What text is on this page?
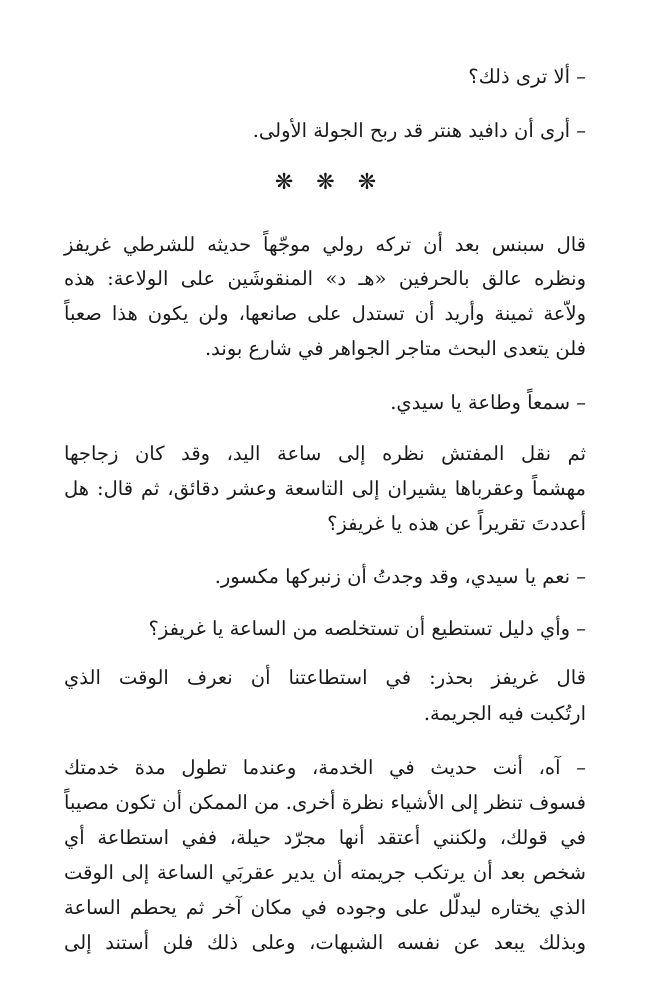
❋ ❋ ❋
– ألا ترى ذلك؟
– أرى أن دافيد هنتر قد ربح الجولة الأولى.
قال سبنس بعد أن تركه رولي موجّهاً حديثه للشرطي غريفز
ونظره عالق بالحرفين «هـ د» المنقوشَين على الولاعة: هذه
ولاّعة ثمينة وأريد أن تستدل على صانعها، ولن يكون هذا صعباً
فلن يتعدى البحث متاجر الجواهر في شارع بوند.
– سمعاً وطاعة يا سيدي.
ثم نقل المفتش نظره إلى ساعة اليد، وقد كان زجاجها
مهشماً وعقرباها يشيران إلى التاسعة وعشر دقائق، ثم قال: هل
أعددتَ تقريراً عن هذه يا غريفز؟
– نعم يا سيدي، وقد وجدتُ أن زنبركها مكسور.
– وأي دليل تستطيع أن تستخلصه من الساعة يا غريفز؟
قال غريفز بحذر: في استطاعتنا أن نعرف الوقت الذي
ارتُكبت فيه الجريمة.
– آه، أنت حديث في الخدمة، وعندما تطول مدة خدمتك
فسوف تنظر إلى الأشياء نظرة أخرى. من الممكن أن تكون مصيباً
في قولك، ولكنني أعتقد أنها مجرّد حيلة، ففي استطاعة أي
شخص بعد أن يرتكب جريمته أن يدير عقربَي الساعة إلى الوقت
الذي يختاره ليدلّل على وجوده في مكان آخر ثم يحطم الساعة
وبذلك يبعد عن نفسه الشبهات، وعلى ذلك فلن أستند إلى
